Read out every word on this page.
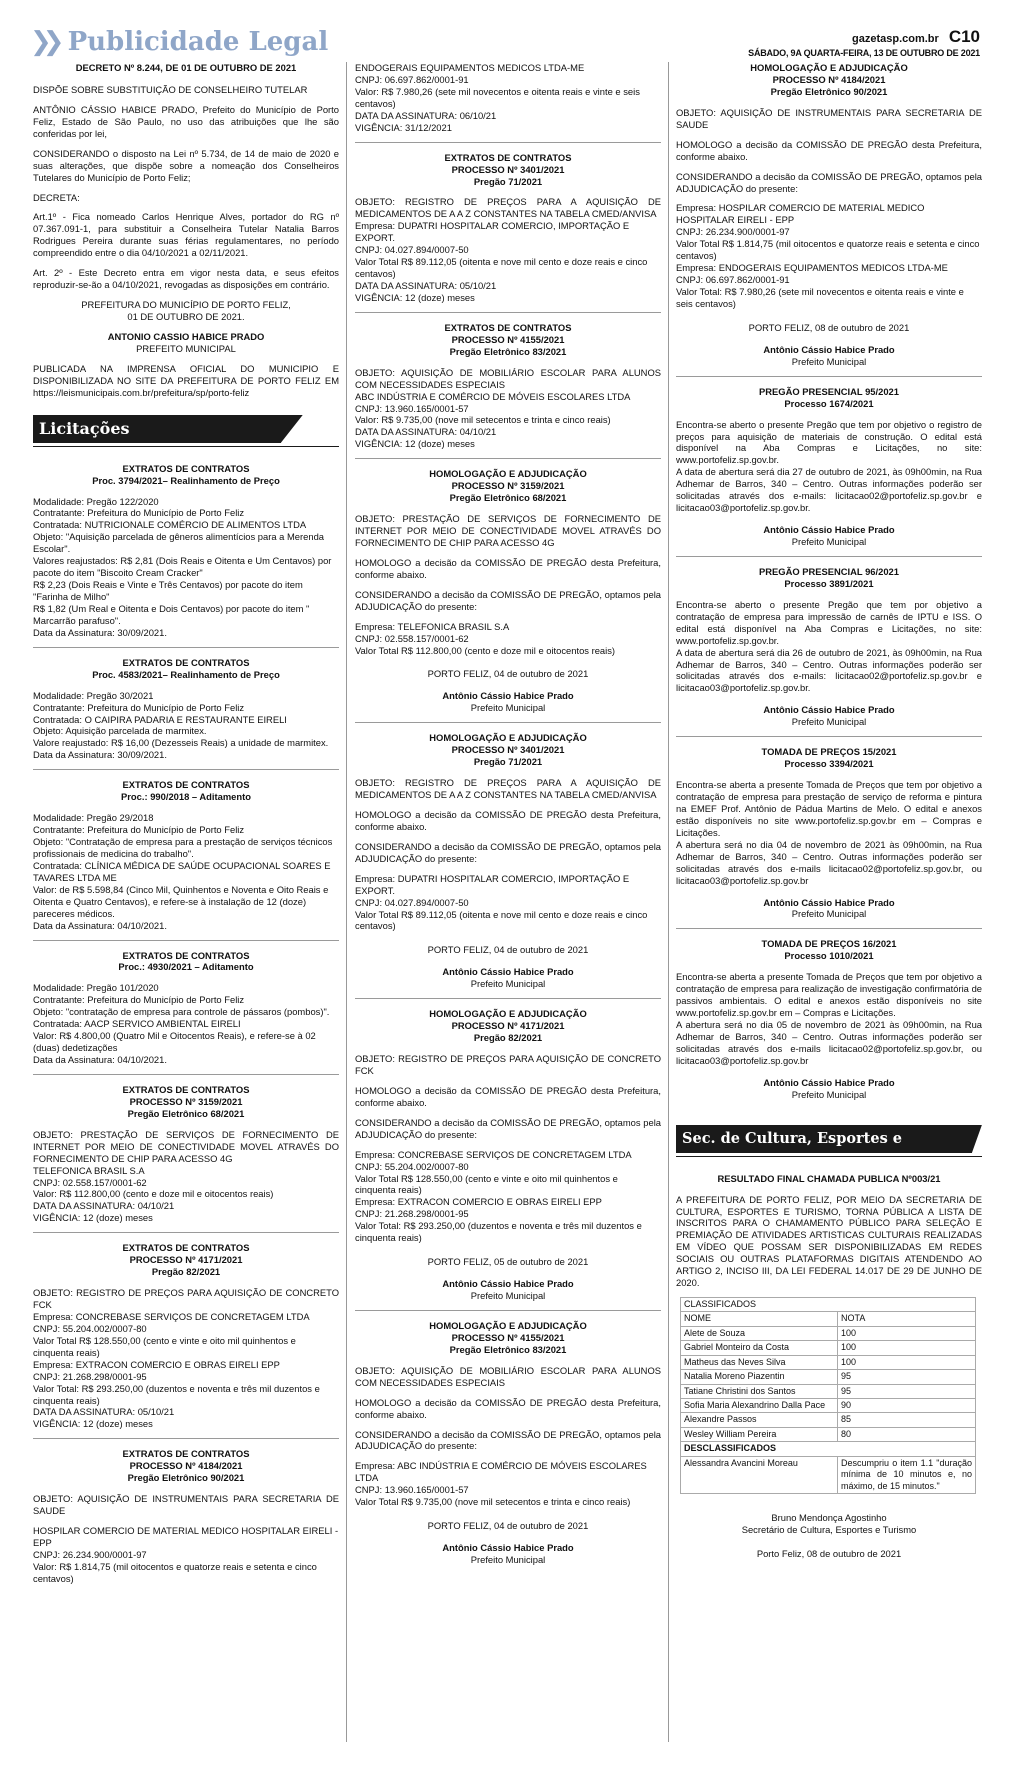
❯❯ Publicidade Legal	gazetasp.com.br C10
SÁBADO, 9A QUARTA-FEIRA, 13 DE OUTUBRO DE 2021
DECRETO Nº 8.244, DE 01 DE OUTUBRO DE 2021

DISPÕE SOBRE SUBSTITUIÇÃO DE CONSELHEIRO TUTELAR

ANTÔNIO CÁSSIO HABICE PRADO, Prefeito do Município de Porto Feliz, Estado de São Paulo, no uso das atribuições que lhe são conferidas por lei,

CONSIDERANDO o disposto na Lei nº 5.734, de 14 de maio de 2020 e suas alterações, que dispõe sobre a nomeação dos Conselheiros Tutelares do Município de Porto Feliz;

DECRETA:

Art.1º - Fica nomeado Carlos Henrique Alves, portador do RG nº 07.367.091-1, para substituir a Conselheira Tutelar Natalia Barros Rodrigues Pereira durante suas férias regulamentares, no período compreendido entre o dia 04/10/2021 a 02/11/2021.

Art. 2º - Este Decreto entra em vigor nesta data, e seus efeitos reproduzir-se-ão a 04/10/2021, revogadas as disposições em contrário.

PREFEITURA DO MUNICÍPIO DE PORTO FELIZ,
01 DE OUTUBRO DE 2021.
ANTONIO CASSIO HABICE PRADO
PREFEITO MUNICIPAL

PUBLICADA NA IMPRENSA OFICIAL DO MUNICIPIO E DISPONIBILIZADA NO SITE DA PREFEITURA DE PORTO FELIZ EM https://leismunicipais.com.br/prefeitura/sp/porto-feliz

Licitações
EXTRATOS DE CONTRATOS
Proc. 3794/2021– Realinhamento de Preço
Modalidade: Pregão 122/2020
Contratante: Prefeitura do Município de Porto Feliz
Contratada: NUTRICIONALE COMÉRCIO DE ALIMENTOS LTDA
Objeto: "Aquisição parcelada de gêneros alimentícios para a Merenda Escolar".
Valores reajustados: R$ 2,81 (Dois Reais e Oitenta e Um Centavos) por pacote do item "Biscoito Cream Cracker"
R$ 2,23 (Dois Reais e Vinte e Três Centavos) por pacote do item "Farinha de Milho"
R$ 1,82 (Um Real e Oitenta e Dois Centavos) por pacote do item " Marcarrão parafuso".
Data da Assinatura: 30/09/2021.
EXTRATOS DE CONTRATOS
Proc. 4583/2021– Realinhamento de Preço
Modalidade: Pregão 30/2021
Contratante: Prefeitura do Município de Porto Feliz
Contratada: O CAIPIRA PADARIA E RESTAURANTE EIRELI
Objeto: Aquisição parcelada de marmitex.
Valore reajustado: R$ 16,00 (Dezesseis Reais) a unidade de marmitex.
Data da Assinatura: 30/09/2021.
EXTRATOS DE CONTRATOS
Proc.: 990/2018 – Aditamento
Modalidade: Pregão 29/2018
Contratante: Prefeitura do Município de Porto Feliz
Objeto: "Contratação de empresa para a prestação de serviços técnicos profissionais de medicina do trabalho".
Contratada: CLÍNICA MÉDICA DE SAÚDE OCUPACIONAL SOARES E TAVARES LTDA ME
Valor: de R$ 5.598,84 (Cinco Mil, Quinhentos e Noventa e Oito Reais e Oitenta e Quatro Centavos), e refere-se à instalação de 12 (doze) pareceres médicos.
Data da Assinatura: 04/10/2021.
EXTRATOS DE CONTRATOS
Proc.: 4930/2021 – Aditamento
Modalidade: Pregão 101/2020
Contratante: Prefeitura do Município de Porto Feliz
Objeto: "contratação de empresa para controle de pássaros (pombos)".
Contratada: AACP SERVICO AMBIENTAL EIRELI
Valor: R$ 4.800,00 (Quatro Mil e Oitocentos Reais), e refere-se à 02 (duas) dedetizações
Data da Assinatura: 04/10/2021.
EXTRATOS DE CONTRATOS
PROCESSO Nº 3159/2021
Pregão Eletrônico 68/2021

OBJETO: PRESTAÇÃO DE SERVIÇOS DE FORNECIMENTO DE INTERNET POR MEIO DE CONECTIVIDADE MOVEL ATRAVÉS DO FORNECIMENTO DE CHIP PARA ACESSO 4G

TELEFONICA BRASIL S.A
CNPJ: 02.558.157/0001-62
Valor: R$ 112.800,00 (cento e doze mil e oitocentos reais)
DATA DA ASSINATURA: 04/10/21
VIGÊNCIA: 12 (doze) meses
EXTRATOS DE CONTRATOS
PROCESSO Nº 4171/2021
Pregão 82/2021

OBJETO: REGISTRO DE PREÇOS PARA AQUISIÇÃO DE CONCRETO FCK

Empresa: CONCREBASE SERVIÇOS DE CONCRETAGEM LTDA
CNPJ: 55.204.002/0007-80
Valor Total R$ 128.550,00 (cento e vinte e oito mil quinhentos e cinquenta reais)
Empresa: EXTRACON COMERCIO E OBRAS EIRELI EPP
CNPJ: 21.268.298/0001-95
Valor Total: R$ 293.250,00 (duzentos e noventa e três mil duzentos e cinquenta reais)
DATA DA ASSINATURA: 05/10/21
VIGÊNCIA: 12 (doze) meses
EXTRATOS DE CONTRATOS
PROCESSO Nº 4184/2021
Pregão Eletrônico 90/2021

OBJETO: AQUISIÇÃO DE INSTRUMENTAIS PARA SECRETARIA DE SAUDE

HOSPILAR COMERCIO DE MATERIAL MEDICO HOSPITALAR EIRELI - EPP
CNPJ: 26.234.900/0001-97
Valor: R$ 1.814,75 (mil oitocentos e quatorze reais e setenta e cinco centavos)
ENDOGERAIS EQUIPAMENTOS MEDICOS LTDA-ME
CNPJ: 06.697.862/0001-91
Valor: R$ 7.980,26 (sete mil novecentos e oitenta reais e vinte e seis centavos)
DATA DA ASSINATURA: 06/10/21
VIGÊNCIA: 31/12/2021
EXTRATOS DE CONTRATOS
PROCESSO Nº 3401/2021
Pregão 71/2021

OBJETO: REGISTRO DE PREÇOS PARA A AQUISIÇÃO DE MEDICAMENTOS DE A A Z CONSTANTES NA TABELA CMED/ANVISA

Empresa: DUPATRI HOSPITALAR COMERCIO, IMPORTAÇÃO E EXPORT.
CNPJ: 04.027.894/0007-50
Valor Total R$ 89.112,05 (oitenta e nove mil cento e doze reais e cinco centavos)
DATA DA ASSINATURA: 05/10/21
VIGÊNCIA: 12 (doze) meses
EXTRATOS DE CONTRATOS
PROCESSO Nº 4155/2021
Pregão Eletrônico 83/2021

OBJETO: AQUISIÇÃO DE MOBILIÁRIO ESCOLAR PARA ALUNOS COM NECESSIDADES ESPECIAIS

ABC INDÚSTRIA E COMÉRCIO DE MÓVEIS ESCOLARES LTDA
CNPJ: 13.960.165/0001-57
Valor: R$ 9.735,00 (nove mil setecentos e trinta e cinco reais)
DATA DA ASSINATURA: 04/10/21
VIGÊNCIA: 12 (doze) meses
HOMOLOGAÇÃO E ADJUDICAÇÃO
PROCESSO Nº 3159/2021
Pregão Eletrônico 68/2021

OBJETO: PRESTAÇÃO DE SERVIÇOS DE FORNECIMENTO DE INTERNET POR MEIO DE CONECTIVIDADE MOVEL ATRAVÉS DO FORNECIMENTO DE CHIP PARA ACESSO 4G

HOMOLOGO a decisão da COMISSÃO DE PREGÃO desta Prefeitura, conforme abaixo.

CONSIDERANDO a decisão da COMISSÃO DE PREGÃO, optamos pela ADJUDICAÇÃO do presente:

Empresa: TELEFONICA BRASIL S.A
CNPJ: 02.558.157/0001-62
Valor Total R$ 112.800,00 (cento e doze mil e oitocentos reais)
PORTO FELIZ, 04 de outubro de 2021
Antônio Cássio Habice Prado
Prefeito Municipal
HOMOLOGAÇÃO E ADJUDICAÇÃO
PROCESSO Nº 3401/2021
Pregão 71/2021

OBJETO: REGISTRO DE PREÇOS PARA A AQUISIÇÃO DE MEDICAMENTOS DE A A Z CONSTANTES NA TABELA CMED/ANVISA

HOMOLOGO a decisão da COMISSÃO DE PREGÃO desta Prefeitura, conforme abaixo.

CONSIDERANDO a decisão da COMISSÃO DE PREGÃO, optamos pela ADJUDICAÇÃO do presente:

Empresa: DUPATRI HOSPITALAR COMERCIO, IMPORTAÇÃO E EXPORT.
CNPJ: 04.027.894/0007-50
Valor Total R$ 89.112,05 (oitenta e nove mil cento e doze reais e cinco centavos)
PORTO FELIZ, 04 de outubro de 2021
Antônio Cássio Habice Prado
Prefeito Municipal
HOMOLOGAÇÃO E ADJUDICAÇÃO
PROCESSO Nº 4171/2021
Pregão 82/2021

OBJETO: REGISTRO DE PREÇOS PARA AQUISIÇÃO DE CONCRETO FCK

HOMOLOGO a decisão da COMISSÃO DE PREGÃO desta Prefeitura, conforme abaixo.

CONSIDERANDO a decisão da COMISSÃO DE PREGÃO, optamos pela ADJUDICAÇÃO do presente:

Empresa: CONCREBASE SERVIÇOS DE CONCRETAGEM LTDA
CNPJ: 55.204.002/0007-80
Valor Total R$ 128.550,00 (cento e vinte e oito mil quinhentos e cinquenta reais)
Empresa: EXTRACON COMERCIO E OBRAS EIRELI EPP
CNPJ: 21.268.298/0001-95
Valor Total: R$ 293.250,00 (duzentos e noventa e três mil duzentos e cinquenta reais)
PORTO FELIZ, 05 de outubro de 2021
Antônio Cássio Habice Prado
Prefeito Municipal
HOMOLOGAÇÃO E ADJUDICAÇÃO
PROCESSO Nº 4155/2021
Pregão Eletrônico 83/2021

OBJETO: AQUISIÇÃO DE MOBILIÁRIO ESCOLAR PARA ALUNOS COM NECESSIDADES ESPECIAIS

HOMOLOGO a decisão da COMISSÃO DE PREGÃO desta Prefeitura, conforme abaixo.

CONSIDERANDO a decisão da COMISSÃO DE PREGÃO, optamos pela ADJUDICAÇÃO do presente:

Empresa: ABC INDÚSTRIA E COMÉRCIO DE MÓVEIS ESCOLARES LTDA
CNPJ: 13.960.165/0001-57
Valor Total R$ 9.735,00 (nove mil setecentos e trinta e cinco reais)
PORTO FELIZ, 04 de outubro de 2021
Antônio Cássio Habice Prado
Prefeito Municipal
HOMOLOGAÇÃO E ADJUDICAÇÃO
PROCESSO Nº 4184/2021
Pregão Eletrônico 90/2021

OBJETO: AQUISIÇÃO DE INSTRUMENTAIS PARA SECRETARIA DE SAUDE

HOMOLOGO a decisão da COMISSÃO DE PREGÃO desta Prefeitura, conforme abaixo.

CONSIDERANDO a decisão da COMISSÃO DE PREGÃO, optamos pela ADJUDICAÇÃO do presente:

Empresa: HOSPILAR COMERCIO DE MATERIAL MEDICO HOSPITALAR EIRELI - EPP
CNPJ: 26.234.900/0001-97
Valor Total R$ 1.814,75 (mil oitocentos e quatorze reais e setenta e cinco centavos)
Empresa: ENDOGERAIS EQUIPAMENTOS MEDICOS LTDA-ME
CNPJ: 06.697.862/0001-91
Valor Total: R$ 7.980,26 (sete mil novecentos e oitenta reais e vinte e seis centavos)
PORTO FELIZ, 08 de outubro de 2021
Antônio Cássio Habice Prado
Prefeito Municipal
PREGÃO PRESENCIAL 95/2021
Processo 1674/2021

Encontra-se aberto o presente Pregão que tem por objetivo o registro de preços para aquisição de materiais de construção. O edital está disponível na Aba Compras e Licitações, no site: www.portofeliz.sp.gov.br.

A data de abertura será dia 27 de outubro de 2021, às 09h00min, na Rua Adhemar de Barros, 340 – Centro. Outras informações poderão ser solicitadas através dos e-mails: licitacao02@portofeliz.sp.gov.br e licitacao03@portofeliz.sp.gov.br.

Antônio Cássio Habice Prado
Prefeito Municipal
PREGÃO PRESENCIAL 96/2021
Processo 3891/2021

Encontra-se aberto o presente Pregão que tem por objetivo a contratação de empresa para impressão de carnês de IPTU e ISS. O edital está disponível na Aba Compras e Licitações, no site: www.portofeliz.sp.gov.br.

A data de abertura será dia 26 de outubro de 2021, às 09h00min, na Rua Adhemar de Barros, 340 – Centro. Outras informações poderão ser solicitadas através dos e-mails: licitacao02@portofeliz.sp.gov.br e licitacao03@portofeliz.sp.gov.br.

Antônio Cássio Habice Prado
Prefeito Municipal
TOMADA DE PREÇOS 15/2021
Processo 3394/2021

Encontra-se aberta a presente Tomada de Preços que tem por objetivo a contratação de empresa para prestação de serviço de reforma e pintura na EMEF Prof. Antônio de Pádua Martins de Melo. O edital e anexos estão disponíveis no site www.portofeliz.sp.gov.br em – Compras e Licitações.

A abertura será no dia 04 de novembro de 2021 às 09h00min, na Rua Adhemar de Barros, 340 – Centro. Outras informações poderão ser solicitadas através dos e-mails licitacao02@portofeliz.sp.gov.br, ou licitacao03@portofeliz.sp.gov.br

Antônio Cássio Habice Prado
Prefeito Municipal
TOMADA DE PREÇOS 16/2021
Processo 1010/2021

Encontra-se aberta a presente Tomada de Preços que tem por objetivo a contratação de empresa para realização de investigação confirmatória de passivos ambientais. O edital e anexos estão disponíveis no site www.portofeliz.sp.gov.br em – Compras e Licitações.

A abertura será no dia 05 de novembro de 2021 às 09h00min, na Rua Adhemar de Barros, 340 – Centro. Outras informações poderão ser solicitadas através dos e-mails licitacao02@portofeliz.sp.gov.br, ou licitacao03@portofeliz.sp.gov.br

Antônio Cássio Habice Prado
Prefeito Municipal
Sec. de Cultura, Esportes e Turismo
RESULTADO FINAL CHAMADA PUBLICA Nº003/21

A PREFEITURA DE PORTO FELIZ, POR MEIO DA SECRETARIA DE CULTURA, ESPORTES E TURISMO, TORNA PÚBLICA A LISTA DE INSCRITOS PARA O CHAMAMENTO PÚBLICO PARA SELEÇÃO E PREMIAÇÃO DE ATIVIDADES ARTISTICAS CULTURAIS REALIZADAS EM VÍDEO QUE POSSAM SER DISPONIBILIZADAS EM REDES SOCIAIS OU OUTRAS PLATAFORMAS DIGITAIS ATENDENDO AO ARTIGO 2, INCISO III, DA LEI FEDERAL 14.017 DE 29 DE JUNHO DE 2020.

CLASSIFICADOS	
NOME	NOTA
Alete de Souza	100
Gabriel Monteiro da Costa	100
Matheus das Neves Silva	100
Natalia Moreno Piazentin	95
Tatiane Christini dos Santos	95
Sofia Maria Alexandrino Dalla Pace	90
Alexandre Passos	85
Wesley William Pereira	80
DESCLASSIFICADOS	
Alessandra Avancini Moreau	Descumpriu o item 1.1 "duração mínima de 10 minutos e, no máximo, de 15 minutos."
Bruno Mendonça Agostinho
Secretário de Cultura, Esportes e Turismo
Porto Feliz, 08 de outubro de 2021
